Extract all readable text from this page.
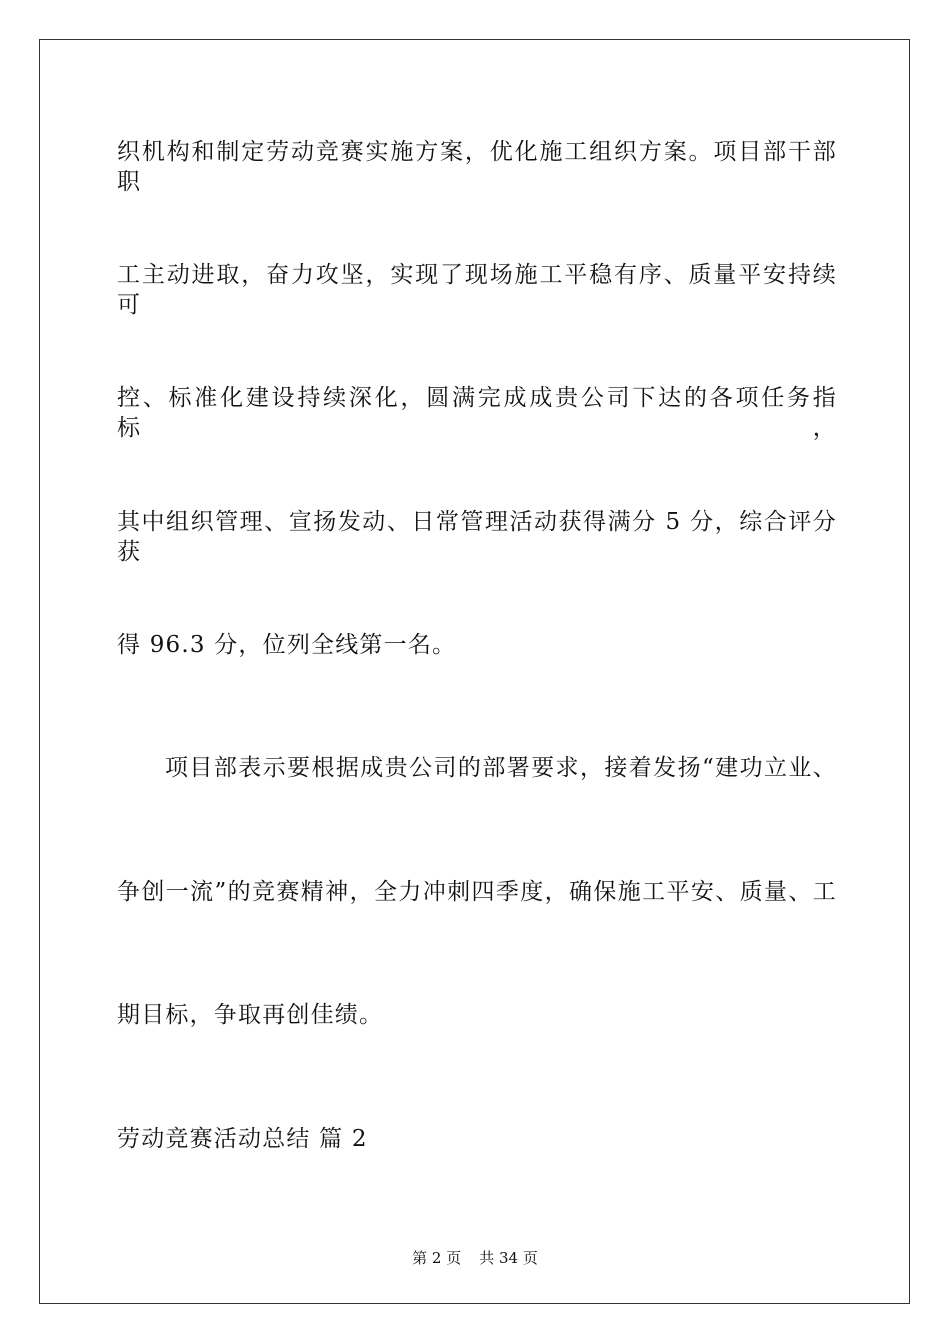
织机构和制定劳动竞赛实施方案，优化施工组织方案。项目部干部职
工主动进取，奋力攻坚，实现了现场施工平稳有序、质量平安持续可
控、标准化建设持续深化，圆满完成成贵公司下达的各项任务指标，
其中组织管理、宣扬发动、日常管理活动获得满分 5 分，综合评分获
得 96.3 分，位列全线第一名。
项目部表示要根据成贵公司的部署要求，接着发扬“建功立业、
争创一流”的竞赛精神，全力冲刺四季度，确保施工平安、质量、工
期目标，争取再创佳绩。
劳动竞赛活动总结 篇 2
第 2 页 共 34 页
